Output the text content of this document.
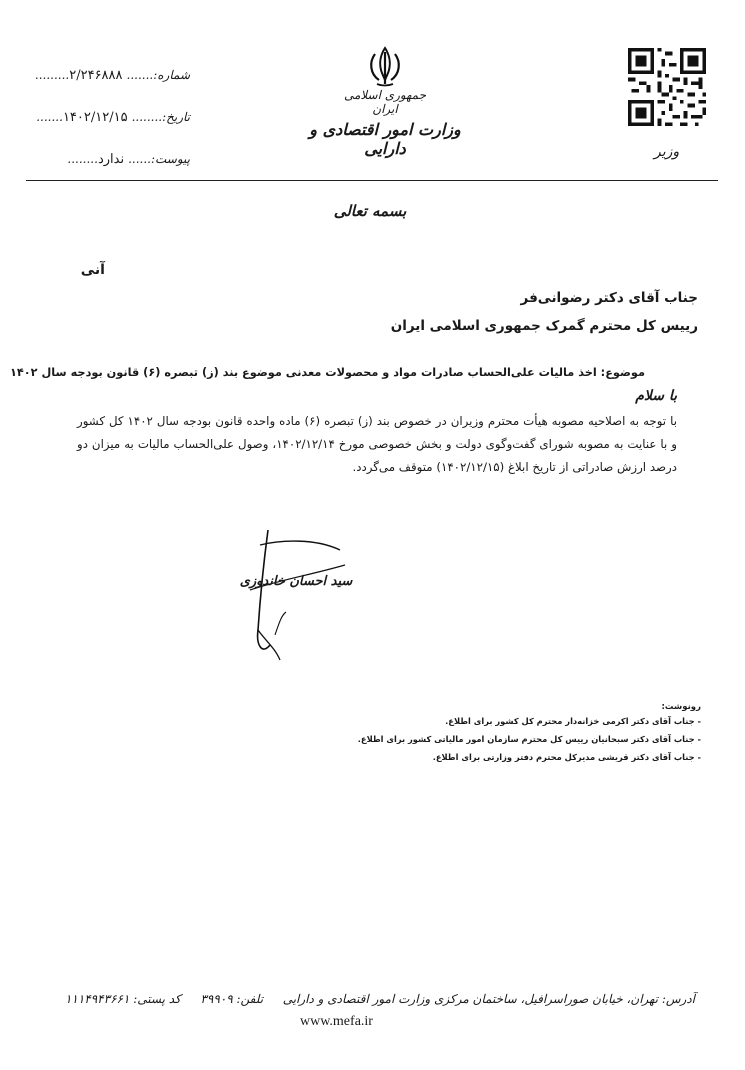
شماره:.......۲/۲۴۶۸۸۸.........
تاریخ:........۱۴۰۲/۱۲/۱۵.......
پیوست:......ندارد........
جمهوری اسلامی ایران
وزارت امور اقتصادی و دارایی	وزیر
بسمه تعالی
آنی
جناب آقای دکتر رضوانی‌فر
رییس کل محترم گمرک جمهوری اسلامی ایران
موضوع: اخذ مالیات علی‌الحساب صادرات مواد و محصولات معدنی موضوع بند (ز) تبصره (۶) قانون بودجه سال ۱۴۰۲
با سلام
با توجه به اصلاحیه مصوبه هیأت محترم وزیران در خصوص بند (ز) تبصره (۶) ماده واحده قانون بودجه سال ۱۴۰۲ کل کشور و با عنایت به مصوبه شورای گفت‌وگوی دولت و بخش خصوصی مورخ ۱۴۰۲/۱۲/۱۴، وصول علی‌الحساب مالیات به میزان دو درصد ارزش صادراتی از تاریخ ابلاغ (۱۴۰۲/۱۲/۱۵) متوقف می‌گردد.
سید احسان خاندوزی
رونوشت:
- جناب آقای دکتر اکرمی خزانه‌دار محترم کل کشور برای اطلاع.
- جناب آقای دکتر سبحانیان رییس کل محترم سازمان امور مالیاتی کشور برای اطلاع.
- جناب آقای دکتر قریشی مدیرکل محترم دفتر وزارتی برای اطلاع.
آدرس: تهران، خیابان صوراسرافیل، ساختمان مرکزی وزارت امور اقتصادی و دارایی  تلفن: ۳۹۹۰۹  کد پستی: ۱۱۱۴۹۴۳۶۶۱
www.mefa.ir
